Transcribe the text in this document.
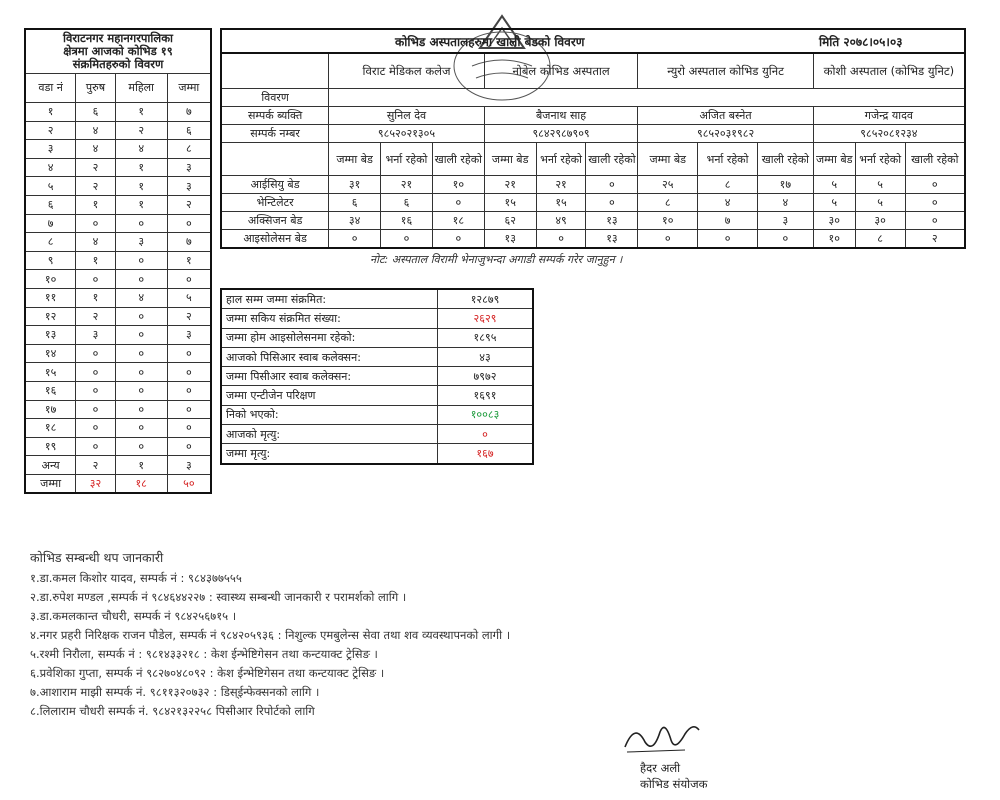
विराटनगर महानगरपालिका
क्षेत्रमा आजको कोभिड १९
संक्रमितहरुको विवरण			

वडा नं	पुरुष	महिला	जम्मा
१	६	१	७
२	४	२	६
३	४	४	८
४	२	१	३
५	२	१	३
६	१	१	२
७	०	०	०
८	४	३	७
९	१	०	१
१०	०	०	०
११	१	४	५
१२	२	०	२
१३	३	०	३
१४	०	०	०
१५	०	०	०
१६	०	०	०
१७	०	०	०
१८	०	०	०
१९	०	०	०
अन्य	२	१	३
जम्मा	३२	१८	५०
कोभिड अस्पतालहरुमा खाली बेडको विवरण									मिति २०७८।०५।०३			
	विराट मेडिकल कलेज			नोबेल कोभिड अस्पताल			न्युरो अस्पताल कोभिड युनिट			कोशी अस्पताल (कोभिड युनिट)		
विवरण												
सम्पर्क ब्यक्ति	सुनिल देव			बैजनाथ साह			अजित बस्नेत			गजेन्द्र यादव		
सम्पर्क नम्बर	९८५२०२१३०५			९८४२९८७९०९			९८५२०३१९८२			९८५२०८१२३४		
	जम्मा बेड	भर्ना रहेको	खाली रहेको	जम्मा बेड	भर्ना रहेको	खाली रहेको	जम्मा बेड	भर्ना रहेको	खाली रहेको	जम्मा बेड	भर्ना रहेको	खाली रहेको
आईसियु बेड	३१	२१	१०	२१	२१	०	२५	८	१७	५	५	०
भेन्टिलेटर	६	६	०	१५	१५	०	८	४	४	५	५	०
अक्सिजन बेड	३४	१६	१८	६२	४९	१३	१०	७	३	३०	३०	०
आइसोलेसन बेड	०	०	०	१३	०	१३	०	०	०	१०	८	२
नोट: अस्पताल विरामी भेनाजुभन्दा अगाडी सम्पर्क गरेर जानुहुन ।
हाल सम्म जम्मा संक्रमित:	१२८७९
जम्मा सकिय संक्रमित संख्या:	२६२९
जम्मा होम आइसोलेसनमा रहेको:	१८९५
आजको पिसिआर स्वाब कलेक्सन:	४३
जम्मा पिसीआर स्वाब कलेक्सन:	७९७२
जम्मा एन्टीजेन परिक्षण	१६९१
निको भएको:	१००८३
आजको मृत्यु:	०
जम्मा मृत्यु:	१६७
कोभिड सम्बन्धी थप जानकारी
१.डा.कमल किशोर यादव, सम्पर्क नं : ९८४३७७५५५
२.डा.रुपेश मण्डल ,सम्पर्क नं ९८४६४४२२७ : स्वास्थ्य सम्बन्धी जानकारी र परामर्शको लागि ।
३.डा.कमलकान्त चौधरी, सम्पर्क नं ९८४२५६७१५ ।
४.नगर प्रहरी निरिक्षक राजन पौडेल, सम्पर्क नं ९८४२०५९३६ : निशुल्क एमबुलेन्स सेवा तथा शव व्यवस्थापनको लागी ।
५.रश्मी निरौला, सम्पर्क नं : ९८१४३३२१८ : केश ईन्भेष्टिगेसन तथा कन्टयाक्ट ट्रेसिङ ।
६.प्रवेशिका गुप्ता, सम्पर्क नं ९८२७०४८०९२ : केश ईन्भेष्टिगेसन तथा कन्टयाक्ट ट्रेसिङ ।
७.आशाराम माझी सम्पर्क नं. ९८११३२०७३२ : डिस्ईन्फेक्सनको लागि ।
८.लिलाराम चौधरी सम्पर्क नं. ९८४२१३२२५८ पिसीआर रिपोर्टको लागि
हैदर अली
कोभिड संयोजक
